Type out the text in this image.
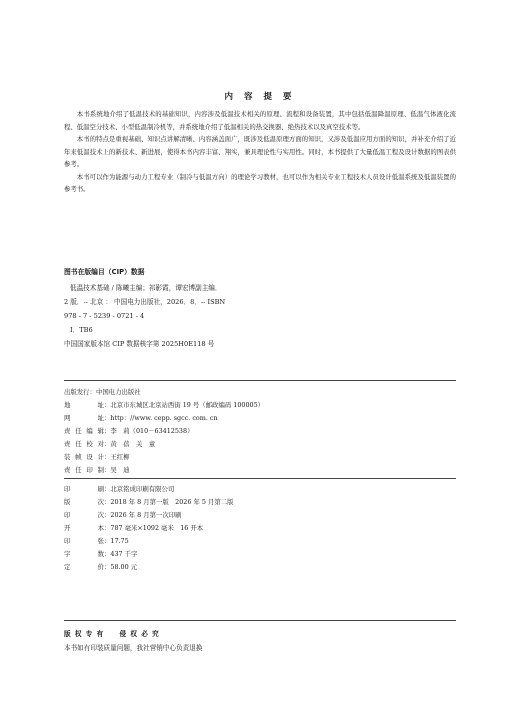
内 容 提 要

本书系统地介绍了低温技术的基础知识，内容涉及低温技术相关的原理、流程和设备装置，其中包括低温降温原理、低温气体液化流程、低温空分技术、小型低温制冷机等，并系统地介绍了低温相关的热交换器、绝热技术以及真空技术等。

本书的特点是重视基础、知识点讲解清晰、内容涵盖面广，既涉及低温原理方面的知识，又涉及低温应用方面的知识，并补充介绍了近年来低温技术上的新技术、新进展，使得本书内容丰富、翔实，兼具理论性与实用性。同时，本书提供了大量低温工程及设计数据的图表供参考。

本书可以作为能源与动力工程专业（制冷与低温方向）的理论学习教材，也可以作为相关专业工程技术人员设计低温系统及低温装置的参考书。

图书在版编目（CIP）数据
低温技术基础 / 陈曦主编；祁影霞，谭宏博副主编．
2 版．-- 北京 ： 中国电力出版社，2026．8．-- ISBN
978 - 7 - 5239 - 0721 - 4
Ⅰ．TB6
中国国家版本馆 CIP 数据核字第 2025H0E118 号
出版发行： 中国电力出版社
地　　址 ： 北京市东城区北京站西街 19 号（邮政编码 100005）
网　　址 ： http：//www. cepp. sgcc. com. cn
责任编辑 ： 李　莉（010－63412538）
责任校对 ： 黄　蓓　关　童
装帧设计 ： 王红柳
责任印制 ： 吴　迪
印　　刷 ： 北京铭成印刷有限公司
版　　次 ： 2018 年 8 月第一版　2026 年 5 月第二版
印　　次 ： 2026 年 8 月第一次印刷
开　　本 ： 787 毫米×1092 毫米　16 开本
印　　张 ： 17.75
字　　数 ： 437 千字
定　　价 ： 58.00 元
版 权 专 有　　侵 权 必 究
本书如有印装质量问题，我社营销中心负责退换
